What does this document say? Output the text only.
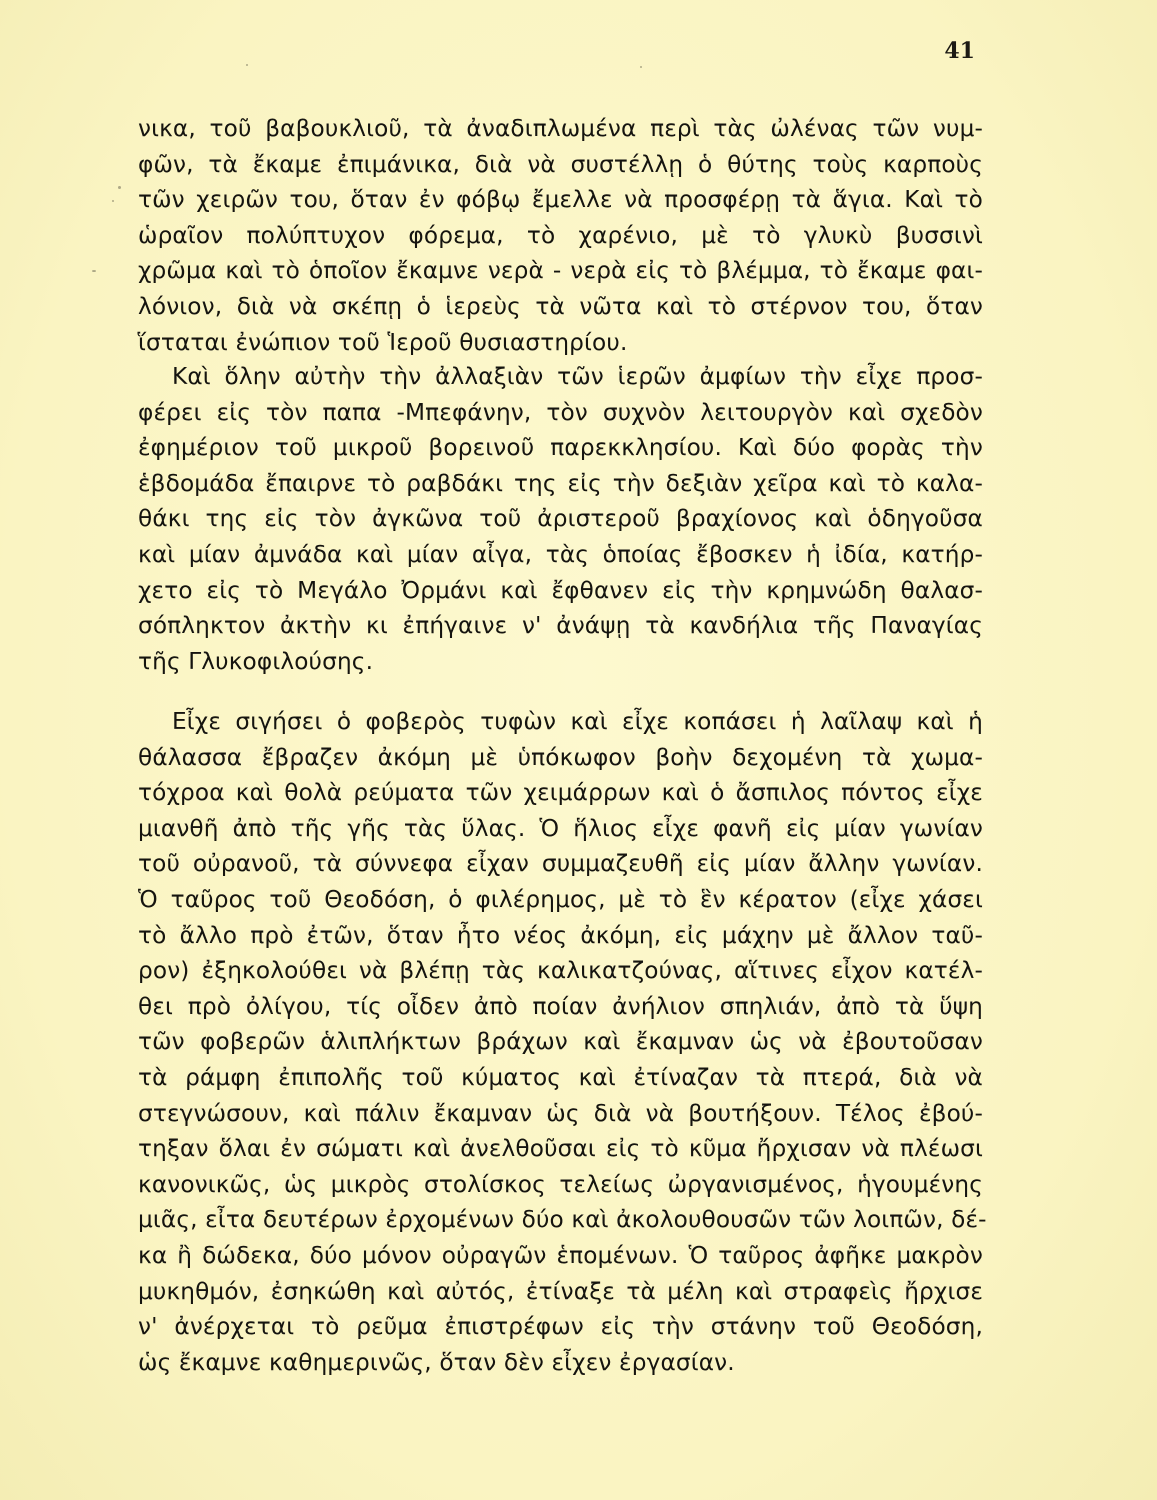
41
νικα, τοῦ βαβουκλιοῦ, τὰ ἀναδιπλωμένα περὶ τὰς ὠλένας τῶν νυμ-
φῶν, τὰ ἔκαμε ἐπιμάνικα, διὰ νὰ συστέλλῃ ὁ θύτης τοὺς καρποὺς
τῶν χειρῶν του, ὅταν ἐν φόβῳ ἔμελλε νὰ προσφέρῃ τὰ ἅγια. Καὶ τὸ
ὡραῖον πολύπτυχον φόρεμα, τὸ χαρένιο, μὲ τὸ γλυκὺ βυσσινὶ
χρῶμα καὶ τὸ ὁποῖον ἔκαμνε νερὰ - νερὰ εἰς τὸ βλέμμα, τὸ ἔκαμε φαι-
λόνιον, διὰ νὰ σκέπῃ ὁ ἱερεὺς τὰ νῶτα καὶ τὸ στέρνον του, ὅταν
ἵσταται ἐνώπιον τοῦ Ἱεροῦ θυσιαστηρίου.
Καὶ ὅλην αὐτὴν τὴν ἀλλαξιὰν τῶν ἱερῶν ἀμφίων τὴν εἶχε προσ-
φέρει εἰς τὸν παπα -Μπεφάνην, τὸν συχνὸν λειτουργὸν καὶ σχεδὸν
ἐφημέριον τοῦ μικροῦ βορεινοῦ παρεκκλησίου. Καὶ δύο φορὰς τὴν
ἑβδομάδα ἔπαιρνε τὸ ραβδάκι της εἰς τὴν δεξιὰν χεῖρα καὶ τὸ καλα-
θάκι της εἰς τὸν ἀγκῶνα τοῦ ἀριστεροῦ βραχίονος καὶ ὁδηγοῦσα
καὶ μίαν ἀμνάδα καὶ μίαν αἶγα, τὰς ὁποίας ἔβοσκεν ἡ ἰδία, κατήρ-
χετο εἰς τὸ Μεγάλο Ὀρμάνι καὶ ἔφθανεν εἰς τὴν κρημνώδη θαλασ-
σόπληκτον ἀκτὴν κι ἐπήγαινε ν' ἀνάψῃ τὰ κανδήλια τῆς Παναγίας
τῆς Γλυκοφιλούσης.
Εἶχε σιγήσει ὁ φοβερὸς τυφὼν καὶ εἶχε κοπάσει ἡ λαῖλαψ καὶ ἡ
θάλασσα ἔβραζεν ἀκόμη μὲ ὑπόκωφον βοὴν δεχομένη τὰ χωμα-
τόχροα καὶ θολὰ ρεύματα τῶν χειμάρρων καὶ ὁ ἄσπιλος πόντος εἶχε
μιανθῆ ἀπὸ τῆς γῆς τὰς ὕλας. Ὁ ἥλιος εἶχε φανῆ εἰς μίαν γωνίαν
τοῦ οὐρανοῦ, τὰ σύννεφα εἶχαν συμμαζευθῆ εἰς μίαν ἄλλην γωνίαν.
Ὁ ταῦρος τοῦ Θεοδόση, ὁ φιλέρημος, μὲ τὸ ἓν κέρατον (εἶχε χάσει
τὸ ἄλλο πρὸ ἐτῶν, ὅταν ἦτο νέος ἀκόμη, εἰς μάχην μὲ ἄλλον ταῦ-
ρον) ἐξηκολούθει νὰ βλέπῃ τὰς καλικατζούνας, αἵτινες εἶχον κατέλ-
θει πρὸ ὀλίγου, τίς οἶδεν ἀπὸ ποίαν ἀνήλιον σπηλιάν, ἀπὸ τὰ ὕψη
τῶν φοβερῶν ἁλιπλήκτων βράχων καὶ ἔκαμναν ὡς νὰ ἐβουτοῦσαν
τὰ ράμφη ἐπιπολῆς τοῦ κύματος καὶ ἐτίναζαν τὰ πτερά, διὰ νὰ
στεγνώσουν, καὶ πάλιν ἔκαμναν ὡς διὰ νὰ βουτήξουν. Τέλος ἐβού-
τηξαν ὅλαι ἐν σώματι καὶ ἀνελθοῦσαι εἰς τὸ κῦμα ἤρχισαν νὰ πλέωσι
κανονικῶς, ὡς μικρὸς στολίσκος τελείως ὠργανισμένος, ἡγουμένης
μιᾶς, εἶτα δευτέρων ἐρχομένων δύο καὶ ἀκολουθουσῶν τῶν λοιπῶν, δέ-
κα ἢ δώδεκα, δύο μόνον οὐραγῶν ἑπομένων. Ὁ ταῦρος ἀφῆκε μακρὸν
μυκηθμόν, ἐσηκώθη καὶ αὐτός, ἐτίναξε τὰ μέλη καὶ στραφεὶς ἤρχισε
ν' ἀνέρχεται τὸ ρεῦμα ἐπιστρέφων εἰς τὴν στάνην τοῦ Θεοδόση,
ὡς ἔκαμνε καθημερινῶς, ὅταν δὲν εἶχεν ἐργασίαν.
